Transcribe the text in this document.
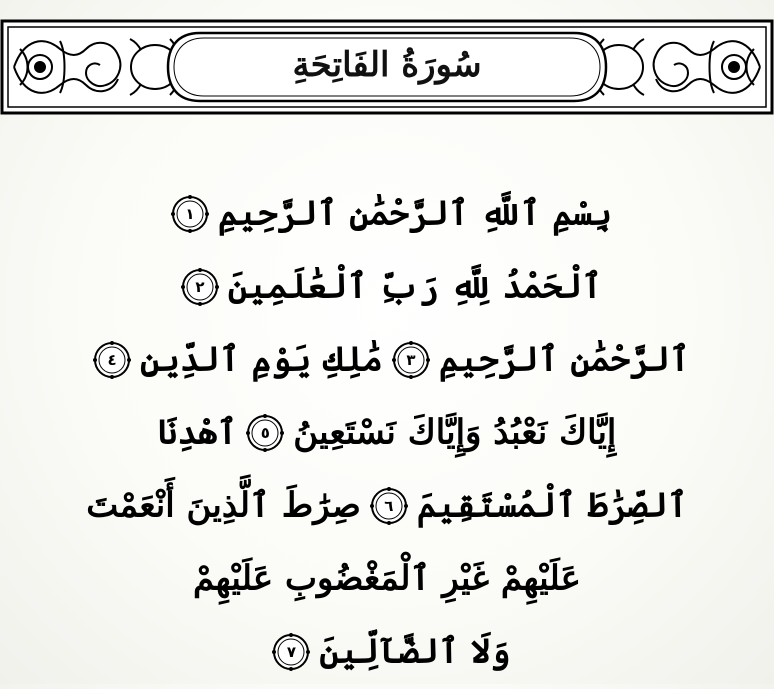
سُورَةُ الفَاتِحَةِ
بِسْمِ ٱللَّهِ ٱلرَّحْمَٰنِ ٱلرَّحِيمِ
١
ٱلْحَمْدُ لِلَّهِ رَبِّ ٱلْعَٰلَمِينَ
٢
ٱلرَّحْمَٰنِ ٱلرَّحِيمِ
٣
مَٰلِكِ يَوْمِ ٱلدِّينِ
٤
إِيَّاكَ نَعْبُدُ وَإِيَّاكَ نَسْتَعِينُ
٥
ٱهْدِنَا
ٱلصِّرَٰطَ ٱلْمُسْتَقِيمَ
٦
صِرَٰطَ ٱلَّذِينَ أَنْعَمْتَ
عَلَيْهِمْ غَيْرِ ٱلْمَغْضُوبِ عَلَيْهِمْ
وَلَا ٱلضَّآلِّينَ
٧
